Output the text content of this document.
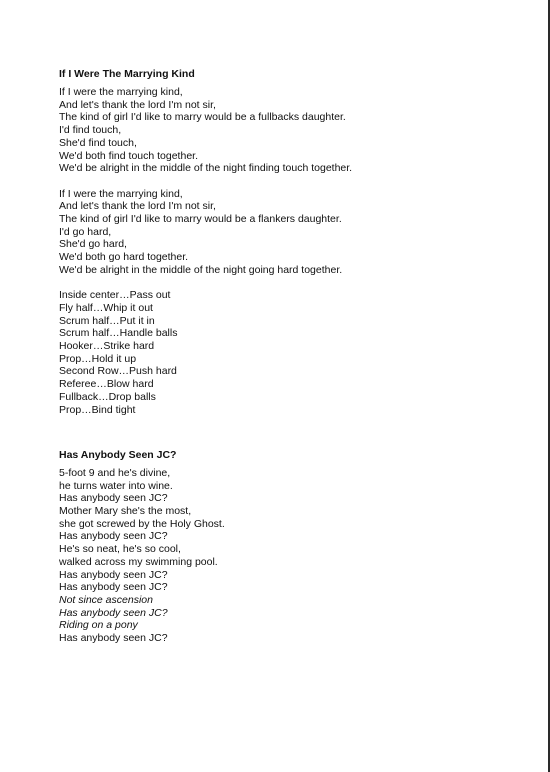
If I Were The Marrying Kind
If I were the marrying kind,
And let's thank the lord I'm not sir,
The kind of girl I'd like to marry would be a fullbacks daughter.
I'd find touch,
She'd find touch,
We'd both find touch together.
We'd be alright in the middle of the night finding touch together.
If I were the marrying kind,
And let's thank the lord I'm not sir,
The kind of girl I'd like to marry would be a flankers daughter.
I'd go hard,
She'd go hard,
We'd both go hard together.
We'd be alright in the middle of the night going hard together.
Inside center…Pass out
Fly half…Whip it out
Scrum half…Put it in
Scrum half…Handle balls
Hooker…Strike hard
Prop…Hold it up
Second Row…Push hard
Referee…Blow hard
Fullback…Drop balls
Prop…Bind tight
Has Anybody Seen JC?
5-foot 9 and he's divine,
he turns water into wine.
Has anybody seen JC?
Mother Mary she's the most,
she got screwed by the Holy Ghost.
Has anybody seen JC?
He's so neat, he's so cool,
walked across my swimming pool.
Has anybody seen JC?
Has anybody seen JC?
Not since ascension
Has anybody seen JC?
Riding on a pony
Has anybody seen JC?
